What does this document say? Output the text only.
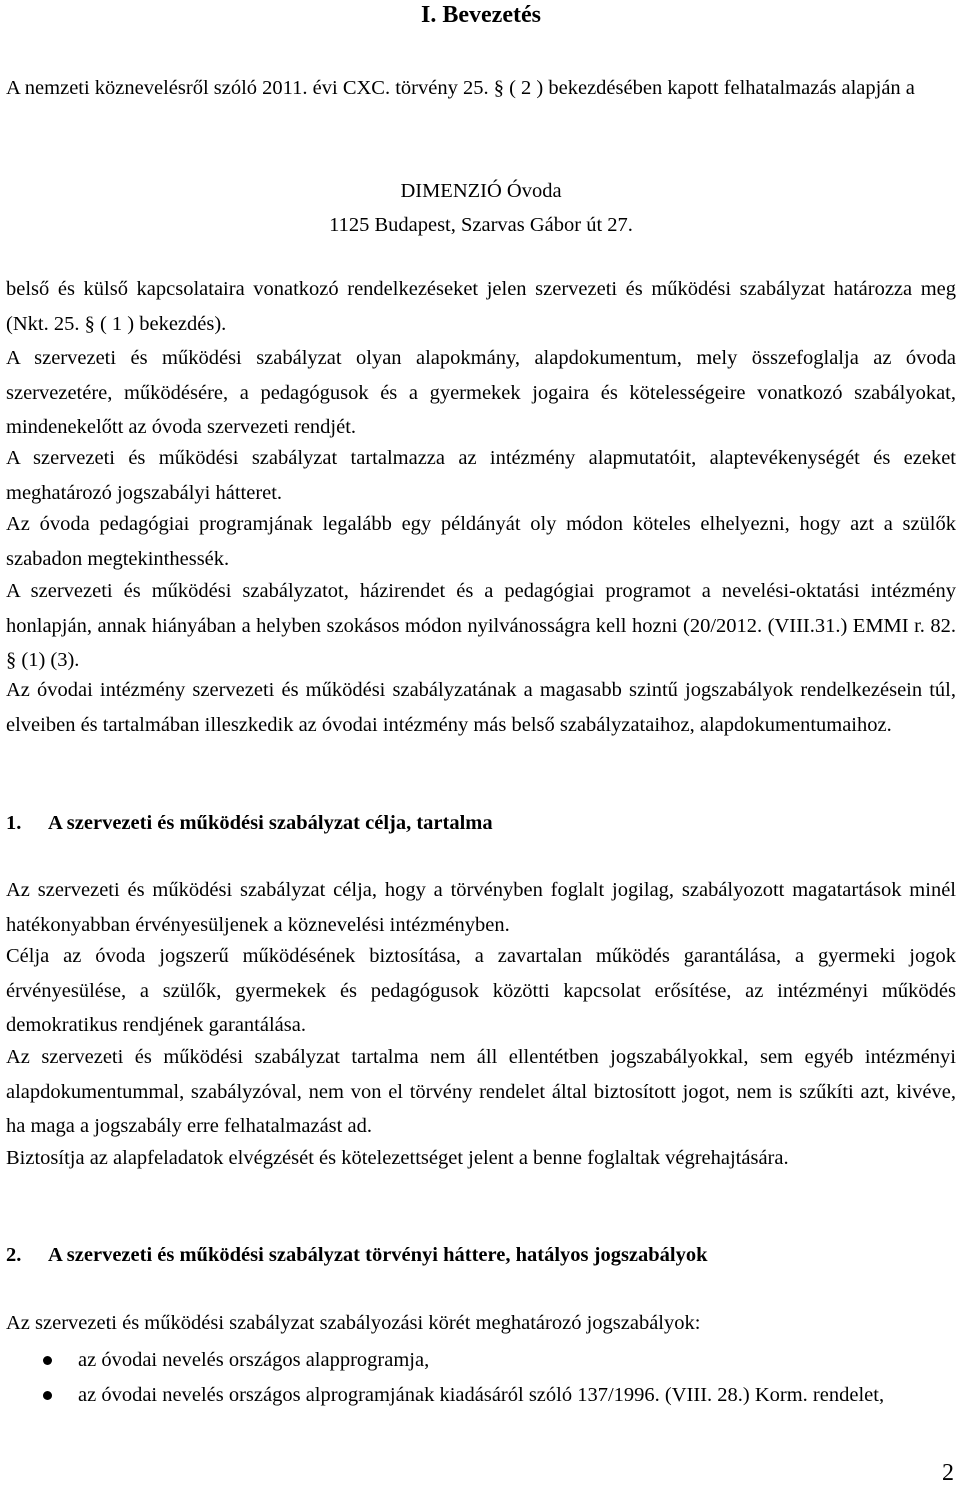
I. Bevezetés
A nemzeti köznevelésről szóló 2011. évi CXC. törvény 25. § ( 2 ) bekezdésében kapott felhatalmazás alapján a
DIMENZIÓ Óvoda
1125 Budapest, Szarvas Gábor út 27.
belső és külső kapcsolataira vonatkozó rendelkezéseket jelen szervezeti és működési szabályzat határozza meg (Nkt. 25. § ( 1 ) bekezdés).
A szervezeti és működési szabályzat olyan alapokmány, alapdokumentum, mely összefoglalja az óvoda szervezetére, működésére, a pedagógusok és a gyermekek jogaira és kötelességeire vonatkozó szabályokat, mindenekelőtt az óvoda szervezeti rendjét.
A szervezeti és működési szabályzat tartalmazza az intézmény alapmutatóit, alaptevékenységét és ezeket meghatározó jogszabályi hátteret.
Az óvoda pedagógiai programjának legalább egy példányát oly módon köteles elhelyezni, hogy azt a szülők szabadon megtekinthessék.
A szervezeti és működési szabályzatot, házirendet és a pedagógiai programot a nevelési-oktatási intézmény honlapján, annak hiányában a helyben szokásos módon nyilvánosságra kell hozni (20/2012. (VIII.31.) EMMI r. 82. § (1) (3).
Az óvodai intézmény szervezeti és működési szabályzatának a magasabb szintű jogszabályok rendelkezésein túl, elveiben és tartalmában illeszkedik az óvodai intézmény más belső szabályzataihoz, alapdokumentumaihoz.
1. A szervezeti és működési szabályzat célja, tartalma
Az szervezeti és működési szabályzat célja, hogy a törvényben foglalt jogilag, szabályozott magatartások minél hatékonyabban érvényesüljenek a köznevelési intézményben.
Célja az óvoda jogszerű működésének biztosítása, a zavartalan működés garantálása, a gyermeki jogok érvényesülése, a szülők, gyermekek és pedagógusok közötti kapcsolat erősítése, az intézményi működés demokratikus rendjének garantálása.
Az szervezeti és működési szabályzat tartalma nem áll ellentétben jogszabályokkal, sem egyéb intézményi alapdokumentummal, szabályzóval, nem von el törvény rendelet által biztosított jogot, nem is szűkíti azt, kivéve, ha maga a jogszabály erre felhatalmazást ad.
Biztosítja az alapfeladatok elvégzését és kötelezettséget jelent a benne foglaltak végrehajtására.
2. A szervezeti és működési szabályzat törvényi háttere, hatályos jogszabályok
Az szervezeti és működési szabályzat szabályozási körét meghatározó jogszabályok:
az óvodai nevelés országos alapprogramja,
az óvodai nevelés országos alprogramjának kiadásáról szóló 137/1996. (VIII. 28.) Korm. rendelet,
2
